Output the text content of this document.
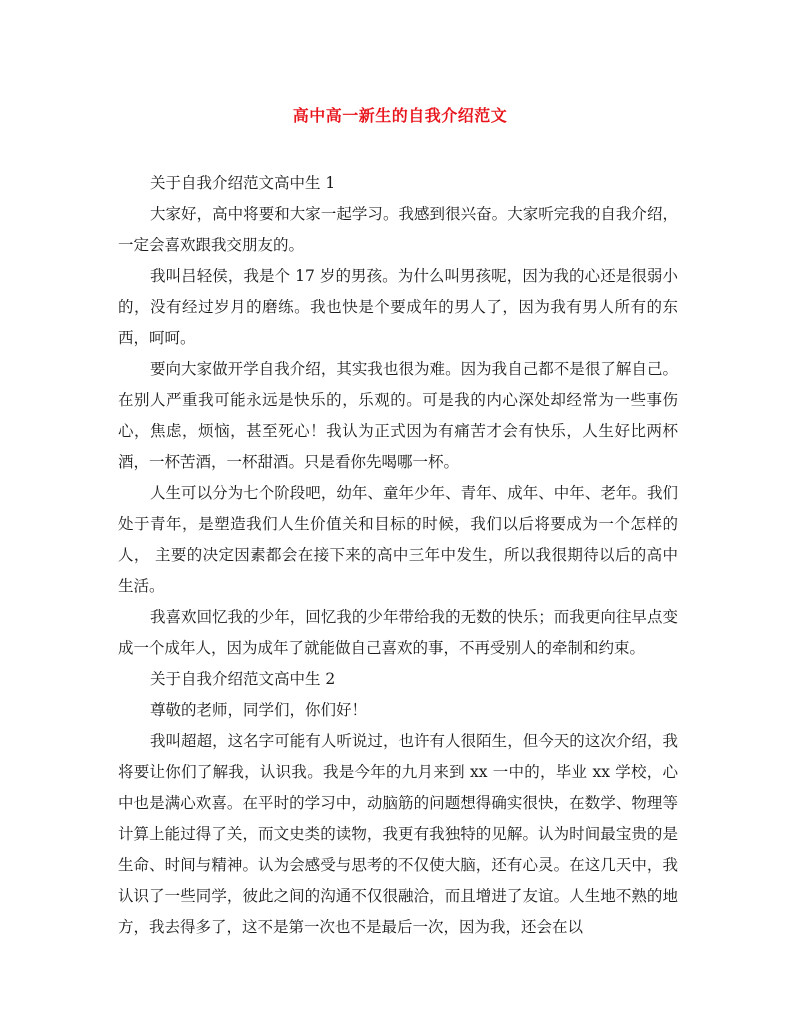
高中高一新生的自我介绍范文

关于自我介绍范文高中生 1

大家好，高中将要和大家一起学习。我感到很兴奋。大家听完我的自我介绍，一定会喜欢跟我交朋友的。

我叫吕轻侯，我是个 17 岁的男孩。为什么叫男孩呢，因为我的心还是很弱小的，没有经过岁月的磨练。我也快是个要成年的男人了，因为我有男人所有的东西，呵呵。

要向大家做开学自我介绍，其实我也很为难。因为我自己都不是很了解自己。在别人严重我可能永远是快乐的，乐观的。可是我的内心深处却经常为一些事伤心，焦虑，烦恼，甚至死心！我认为正式因为有痛苦才会有快乐，人生好比两杯酒，一杯苦酒，一杯甜酒。只是看你先喝哪一杯。

人生可以分为七个阶段吧，幼年、童年少年、青年、成年、中年、老年。我们处于青年，是塑造我们人生价值关和目标的时候，我们以后将要成为一个怎样的人， 主要的决定因素都会在接下来的高中三年中发生，所以我很期待以后的高中生活。

我喜欢回忆我的少年，回忆我的少年带给我的无数的快乐；而我更向往早点变成一个成年人，因为成年了就能做自己喜欢的事，不再受别人的牵制和约束。

关于自我介绍范文高中生 2

尊敬的老师，同学们，你们好！

我叫超超，这名字可能有人听说过，也许有人很陌生，但今天的这次介绍，我将要让你们了解我，认识我。我是今年的九月来到 xx 一中的，毕业 xx 学校，心中也是满心欢喜。在平时的学习中，动脑筋的问题想得确实很快，在数学、物理等计算上能过得了关，而文史类的读物，我更有我独特的见解。认为时间最宝贵的是生命、时间与精神。认为会感受与思考的不仅使大脑，还有心灵。在这几天中，我认识了一些同学，彼此之间的沟通不仅很融洽，而且增进了友谊。人生地不熟的地方，我去得多了，这不是第一次也不是最后一次，因为我，还会在以
